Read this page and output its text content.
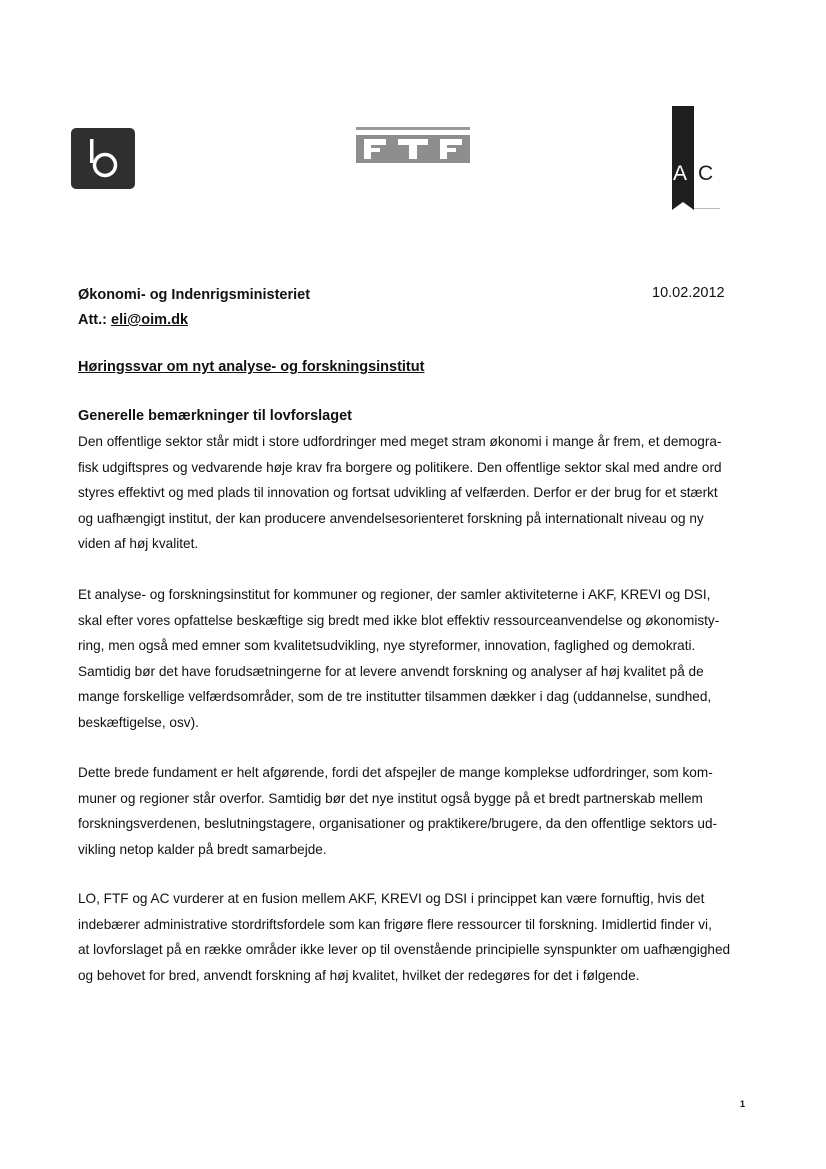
A C
Økonomi- og Indenrigsministeriet
Att.: eli@oim.dk
10.02.2012
Høringssvar om nyt analyse- og forskningsinstitut
Generelle bemærkninger til lovforslaget
Den offentlige sektor står midt i store udfordringer med meget stram økonomi i mange år frem, et demogra-
fisk udgiftspres og vedvarende høje krav fra borgere og politikere. Den offentlige sektor skal med andre ord
styres effektivt og med plads til innovation og fortsat udvikling af velfærden. Derfor er der brug for et stærkt
og uafhængigt institut, der kan producere anvendelsesorienteret forskning på internationalt niveau og ny
viden af høj kvalitet.
Et analyse- og forskningsinstitut for kommuner og regioner, der samler aktiviteterne i AKF, KREVI og DSI,
skal efter vores opfattelse beskæftige sig bredt med ikke blot effektiv ressourceanvendelse og økonomisty-
ring, men også med emner som kvalitetsudvikling, nye styreformer, innovation, faglighed og demokrati.
Samtidig bør det have forudsætningerne for at levere anvendt forskning og analyser af høj kvalitet på de
mange forskellige velfærdsområder, som de tre institutter tilsammen dækker i dag (uddannelse, sundhed,
beskæftigelse, osv).
Dette brede fundament er helt afgørende, fordi det afspejler de mange komplekse udfordringer, som kom-
muner og regioner står overfor. Samtidig bør det nye institut også bygge på et bredt partnerskab mellem
forskningsverdenen, beslutningstagere, organisationer og praktikere/brugere, da den offentlige sektors ud-
vikling netop kalder på bredt samarbejde.
LO, FTF og AC vurderer at en fusion mellem AKF, KREVI og DSI i princippet kan være fornuftig, hvis det
indebærer administrative stordriftsfordele som kan frigøre flere ressourcer til forskning. Imidlertid finder vi,
at lovforslaget på en række områder ikke lever op til ovenstående principielle synspunkter om uafhængighed
og behovet for bred, anvendt forskning af høj kvalitet, hvilket der redegøres for det i følgende.
1
